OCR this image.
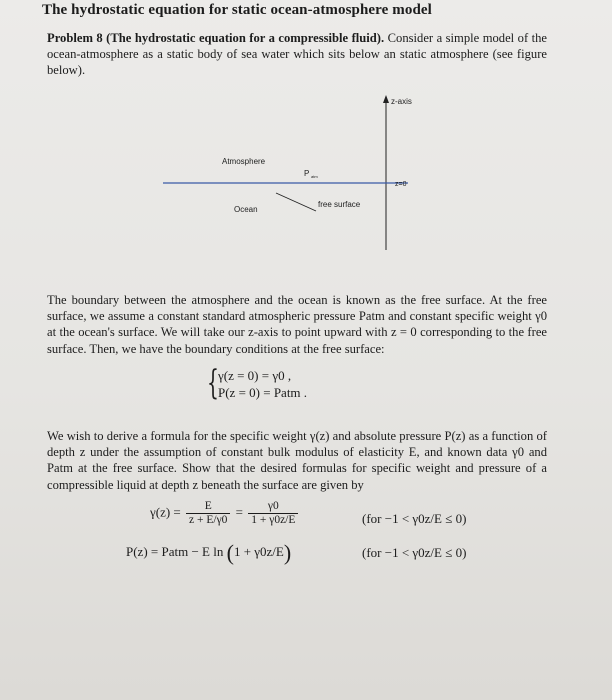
The hydrostatic equation for static ocean-atmosphere model
Problem 8 (The hydrostatic equation for a compressible fluid). Consider a simple model of the ocean-atmosphere as a static body of sea water which sits below an static atmosphere (see figure below).
z-axis
Atmosphere
P atm
z=0
Ocean
free surface
The boundary between the atmosphere and the ocean is known as the free surface. At the free surface, we assume a constant standard atmospheric pressure Patm and constant specific weight γ0 at the ocean's surface. We will take our z-axis to point upward with z = 0 corresponding to the free surface. Then, we have the boundary conditions at the free surface:
{ γ(z = 0) = γ0 ,
P(z = 0) = Patm .
We wish to derive a formula for the specific weight γ(z) and absolute pressure P(z) as a function of depth z under the assumption of constant bulk modulus of elasticity E, and known data γ0 and Patm at the free surface. Show that the desired formulas for specific weight and pressure of a compressible liquid at depth z beneath the surface are given by
$\gamma(z) = \frac{E}{z + E/\gamma 0} = \frac{\gamma 0}{1 + \gamma 0z/E}$	(for −1 < γ0z/E ≤ 0)
P(z) = Patm − E ln (1 + γ0z/E)	(for −1 < γ0z/E ≤ 0)
